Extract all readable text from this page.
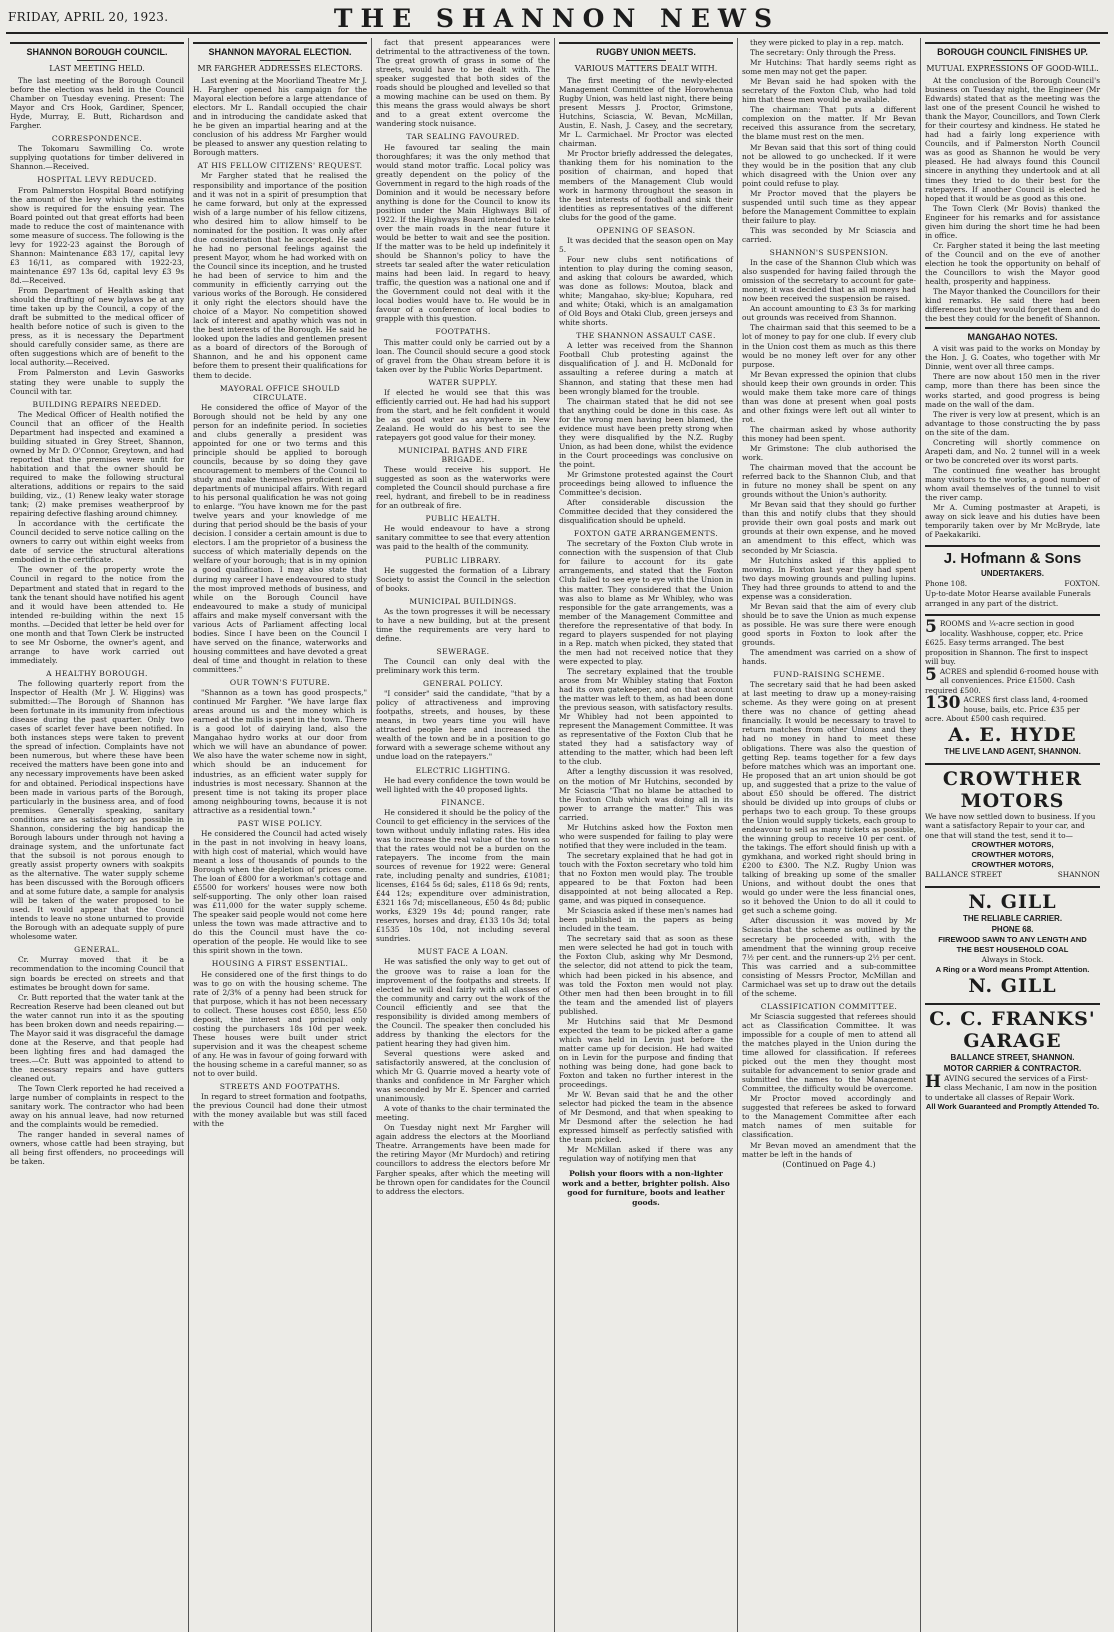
FRIDAY, APRIL 20, 1923.	THE SHANNON NEWS
SHANNON BOROUGH COUNCIL.
LAST MEETING HELD.

The last meeting of the Borough Council before the election was held in the Council Chamber on Tuesday evening. Present: The Mayor and Crs Hook, Gardiner, Spencer, Hyde, Murray, E. Butt, Richardson and Fargher.

CORRESPONDENCE.

The Tokomaru Sawmilling Co. wrote supplying quotations for timber delivered in Shannon.—Received.

HOSPITAL LEVY REDUCED.

From Palmerston Hospital Board notifying the amount of the levy which the estimates show is required for the ensuing year. The Board pointed out that great efforts had been made to reduce the cost of maintenance with some measure of success. The following is the levy for 1922-23 against the Borough of Shannon: Maintenance £83 17/, capital levy £3 16/11, as compared with 1922-23, maintenance £97 13s 6d, capital levy £3 9s 8d.—Received.

From Department of Health asking that should the drafting of new bylaws be at any time taken up by the Council, a copy of the draft be submitted to the medical officer of health before notice of such is given to the press, as it is necessary the Department should carefully consider same, as there are often suggestions which are of benefit to the local authority.—Received.

From Palmerston and Levin Gasworks stating they were unable to supply the Council with tar.

BUILDING REPAIRS NEEDED.

The Medical Officer of Health notified the Council that an officer of the Health Department had inspected and examined a building situated in Grey Street, Shannon, owned by Mr D. O'Connor, Greytown, and had reported that the premises were unfit for habitation and that the owner should be required to make the following structural alterations, additions or repairs to the said building, viz., (1) Renew leaky water storage tank; (2) make premises weatherproof by repairing defective flashing around chimney.

In accordance with the certificate the Council decided to serve notice calling on the owners to carry out within eight weeks from date of service the structural alterations embodied in the certificate.

The owner of the property wrote the Council in regard to the notice from the Department and stated that in regard to the tank the tenant should have notified his agent and it would have been attended to. He intended re-building within the next 15 months. —Decided that letter be held over for one month and that Town Clerk be instructed to see Mr Osborne, the owner's agent, and arrange to have work carried out immediately.

A HEALTHY BOROUGH.

The following quarterly report from the Inspector of Health (Mr J. W. Higgins) was submitted:—The Borough of Shannon has been fortunate in its immunity from infectious disease during the past quarter. Only two cases of scarlet fever have been notified. In both instances steps were taken to prevent the spread of infection. Complaints have not been numerous, but where these have been received the matters have been gone into and any necessary improvements have been asked for and obtained. Periodical inspections have been made in various parts of the Borough, particularly in the business area, and of food premises. Generally speaking, sanitary conditions are as satisfactory as possible in Shannon, considering the big handicap the Borough labours under through not having a drainage system, and the unfortunate fact that the subsoil is not porous enough to greatly assist property owners with soakpits as the alternative. The water supply scheme has been discussed with the Borough officers and at some future date, a sample for analysis will be taken of the water proposed to be used. It would appear that the Council intends to leave no stone unturned to provide the Borough with an adequate supply of pure wholesome water.

GENERAL.

Cr. Murray moved that it be a recommendation to the incoming Council that sign boards be erected on streets and that estimates be brought down for same.

Cr. Butt reported that the water tank at the Recreation Reserve had been cleaned out but the water cannot run into it as the spouting has been broken down and needs repairing.—The Mayor said it was disgraceful the damage done at the Reserve, and that people had been lighting fires and had damaged the trees.—Cr. Butt was appointed to attend to the necessary repairs and have gutters cleaned out.

The Town Clerk reported he had received a large number of complaints in respect to the sanitary work. The contractor who had been away on his annual leave, had now returned and the complaints would be remedied.

The ranger handed in several names of owners, whose cattle had been straying, but all being first offenders, no proceedings will be taken.

SHANNON MAYORAL ELECTION.
MR FARGHER ADDRESSES ELECTORS.

Last evening at the Moorliand Theatre Mr J. H. Fargher opened his campaign for the Mayoral election before a large attendance of electors. Mr L. Randall occupied the chair and in introducing the candidate asked that he be given an impartial hearing and at the conclusion of his address Mr Fargher would be pleased to answer any question relating to Borough matters.

AT HIS FELLOW CITIZENS' REQUEST.

Mr Fargher stated that he realised the responsibility and importance of the position and it was not in a spirit of presumption that he came forward, but only at the expressed wish of a large number of his fellow citizens, who desired him to allow himself to be nominated for the position. It was only after due consideration that he accepted. He said he had no personal feelings against the present Mayor, whom he had worked with on the Council since its inception, and he trusted he had been of service to him and the community in efficiently carrying out the various works of the Borough. He considered it only right the electors should have the choice of a Mayor. No competition showed lack of interest and apathy which was not in the best interests of the Borough. He said he looked upon the ladies and gentlemen present as a board of directors of the Borough of Shannon, and he and his opponent came before them to present their qualifications for them to decide.

MAYORAL OFFICE SHOULD CIRCULATE.

He considered the office of Mayor of the Borough should not be held by any one person for an indefinite period. In societies and clubs generally a president was appointed for one or two terms and this principle should be applied to borough councils, because by so doing they gave encouragement to members of the Council to study and make themselves proficient in all departments of municipal affairs. With regard to his personal qualification he was not going to enlarge. "You have known me for the past twelve years and your knowledge of me during that period should be the basis of your decision. I consider a certain amount is due to electors. I am the proprietor of a business the success of which materially depends on the welfare of your borough; that is in my opinion a good qualification. I may also state that during my career I have endeavoured to study the most improved methods of business, and while on the Borough Council have endeavoured to make a study of municipal affairs and make myself conversant with the various Acts of Parliament affecting local bodies. Since I have been on the Council I have served on the finance, waterworks and housing committees and have devoted a great deal of time and thought in relation to these committees."

OUR TOWN'S FUTURE.

"Shannon as a town has good prospects," continued Mr Fargher. "We have large flax areas around us and the money which is earned at the mills is spent in the town. There is a good lot of dairying land, also the Mangahao hydro works at our door from which we will have an abundance of power. We also have the water scheme now in sight, which should be an inducement for industries, as an efficient water supply for industries is most necessary. Shannon at the present time is not taking its proper place among neighbouring towns, because it is not attractive as a residential town."

PAST WISE POLICY.

He considered the Council had acted wisely in the past in not involving in heavy loans, with high cost of material, which would have meant a loss of thousands of pounds to the Borough when the depletion of prices come. The loan of £800 for a workman's cottage and £5500 for workers' houses were now both self-supporting. The only other loan raised was £11,000 for the water supply scheme. The speaker said people would not come here unless the town was made attractive and to do this the Council must have the co-operation of the people. He would like to see this spirit shown in the town.

HOUSING A FIRST ESSENTIAL.

He considered one of the first things to do was to go on with the housing scheme. The rate of 2/3% of a penny had been struck for that purpose, which it has not been necessary to collect. These houses cost £850, less £50 deposit, the interest and principal only costing the purchasers 18s 10d per week. These houses were built under strict supervision and it was the cheapest scheme of any. He was in favour of going forward with the housing scheme in a careful manner, so as not to over build.

STREETS AND FOOTPATHS.

In regard to street formation and footpaths, the previous Council had done their utmost with the money available but was still faced with the

fact that present appearances were detrimental to the attractiveness of the town. The great growth of grass in some of the streets, would have to be dealt with. The speaker suggested that both sides of the roads should be ploughed and levelled so that a mowing machine can be used on them. By this means the grass would always be short and to a great extent overcome the wandering stock nuisance.

TAR SEALING FAVOURED.

He favoured tar sealing the main thoroughfares; it was the only method that would stand motor traffic. Local policy was greatly dependent on the policy of the Government in regard to the high roads of the Dominion and it would be necessary before anything is done for the Council to know its position under the Main Highways Bill of 1922. If the Highways Board intended to take over the main roads in the near future it would be better to wait and see the position. If the matter was to be held up indefinitely it should be Shannon's policy to have the streets tar sealed after the water reticulation mains had been laid. In regard to heavy traffic, the question was a national one and if the Government could not deal with it the local bodies would have to. He would be in favour of a conference of local bodies to grapple with this question.

FOOTPATHS.

This matter could only be carried out by a loan. The Council should secure a good stock of gravel from the Ohau stream before it is taken over by the Public Works Department.

WATER SUPPLY.

If elected he would see that this was efficiently carried out. He had had his support from the start, and he felt confident it would be as good water as anywhere in New Zealand. He would do his best to see the ratepayers got good value for their money.

MUNICIPAL BATHS AND FIRE BRIGADE.

These would receive his support. He suggested as soon as the waterworks were completed the Council should purchase a fire reel, hydrant, and firebell to be in readiness for an outbreak of fire.

PUBLIC HEALTH.

He would endeavour to have a strong sanitary committee to see that every attention was paid to the health of the community.

PUBLIC LIBRARY.

He suggested the formation of a Library Society to assist the Council in the selection of books.

MUNICIPAL BUILDINGS.

As the town progresses it will be necessary to have a new building, but at the present time the requirements are very hard to define.

SEWERAGE.

The Council can only deal with the preliminary work this term.

GENERAL POLICY.

"I consider" said the candidate, "that by a policy of attractiveness and improving footpaths, streets, and houses, by these means, in two years time you will have attracted people here and increased the wealth of the town and be in a position to go forward with a sewerage scheme without any undue load on the ratepayers."

ELECTRIC LIGHTING.

He had every confidence the town would be well lighted with the 40 proposed lights.

FINANCE.

He considered it should be the policy of the Council to get efficiency in the services of the town without unduly inflating rates. His idea was to increase the real value of the town so that the rates would not be a burden on the ratepayers. The income from the main sources of revenue for 1922 were: General rate, including penalty and sundries, £1081; licenses, £164 5s 6d; sales, £118 6s 9d; rents, £44 12s; expenditure over administration, £321 16s 7d; miscellaneous, £50 4s 8d; public works, £329 19s 4d; pound ranger, rate reserves, horses and dray, £133 10s 3d; total £1535 10s 10d, not including several sundries.

MUST FACE A LOAN.

He was satisfied the only way to get out of the groove was to raise a loan for the improvement of the footpaths and streets. If elected he will deal fairly with all classes of the community and carry out the work of the Council efficiently and see that the responsibility is divided among members of the Council. The speaker then concluded his address by thanking the electors for the patient hearing they had given him.

Several questions were asked and satisfactorily answered, at the conclusion of which Mr G. Quarrie moved a hearty vote of thanks and confidence in Mr Fargher which was seconded by Mr E. Spencer and carried unanimously.

A vote of thanks to the chair terminated the meeting.

On Tuesday night next Mr Fargher will again address the electors at the Moorliand Theatre. Arrangements have been made for the retiring Mayor (Mr Murdoch) and retiring councillors to address the electors before Mr Fargher speaks, after which the meeting will be thrown open for candidates for the Council to address the electors.

RUGBY UNION MEETS.
VARIOUS MATTERS DEALT WITH.

The first meeting of the newly-elected Management Committee of the Horowhenua Rugby Union, was held last night, there being present Messrs J. Proctor, Grimstone, Hutchins, Sciascia, W. Bevan, McMillan, Austin, E. Nash, J. Casey, and the secretary, Mr L. Carmichael. Mr Proctor was elected chairman.

Mr Proctor briefly addressed the delegates, thanking them for his nomination to the position of chairman, and hoped that members of the Management Club would work in harmony throughout the season in the best interests of football and sink their identities as representatives of the different clubs for the good of the game.

OPENING OF SEASON.

It was decided that the season open on May 5.

Four new clubs sent notifications of intention to play during the coming season, and asking that colours be awarded, which was done as follows: Moutoa, black and white; Mangahao, sky-blue; Kopuhara, red and white; Otaki, which is an amalgamation of Old Boys and Otaki Club, green jerseys and white shorts.

THE SHANNON ASSAULT CASE.

A letter was received from the Shannon Football Club protesting against the disqualification of J. and H. McDonald for assaulting a referee during a match at Shannon, and stating that these men had been wrongly blamed for the trouble.

The chairman stated that he did not see that anything could be done in this case. As for the wrong men having been blamed, the evidence must have been pretty strong when they were disqualified by the N.Z. Rugby Union, as had been done, whilst the evidence in the Court proceedings was conclusive on the point.

Mr Grimstone protested against the Court proceedings being allowed to influence the Committee's decision.

After considerable discussion the Committee decided that they considered the disqualification should be upheld.

FOXTON GATE ARRANGEMENTS.

The secretary of the Foxton Club wrote in connection with the suspension of that Club for failure to account for its gate arrangements, and stated that the Foxton Club failed to see eye to eye with the Union in this matter. They considered that the Union was also to blame as Mr Whibley, who was responsible for the gate arrangements, was a member of the Management Committee and therefore the representative of that body. In regard to players suspended for not playing in a Rep. match when picked, they stated that the men had not received notice that they were expected to play.

The secretary explained that the trouble arose from Mr Whibley stating that Foxton had its own gatekeeper, and on that account the matter was left to them, as had been done the previous season, with satisfactory results. Mr Whibley had not been appointed to represent the Management Committee. It was as representative of the Foxton Club that he stated they had a satisfactory way of attending to the matter, which had been left to the club.

After a lengthy discussion it was resolved, on the motion of Mr Hutchins, seconded by Mr Sciascia "That no blame be attached to the Foxton Club which was doing all in its power to arrange the matter." This was carried.

Mr Hutchins asked how the Foxton men who were suspended for failing to play were notified that they were included in the team.

The secretary explained that he had got in touch with the Foxton secretary who told him that no Foxton men would play. The trouble appeared to be that Foxton had been disappointed at not being allocated a Rep. game, and was piqued in consequence.

Mr Sciascia asked if these men's names had been published in the papers as being included in the team.

The secretary said that as soon as these men were selected he had got in touch with the Foxton Club, asking why Mr Desmond, the selector, did not attend to pick the team, which had been picked in his absence, and was told the Foxton men would not play. Other men had then been brought in to fill the team and the amended list of players published.

Mr Hutchins said that Mr Desmond expected the team to be picked after a game which was held in Levin just before the matter came up for decision. He had waited on in Levin for the purpose and finding that nothing was being done, had gone back to Foxton and taken no further interest in the proceedings.

Mr W. Bevan said that he and the other selector had picked the team in the absence of Mr Desmond, and that when speaking to Mr Desmond after the selection he had expressed himself as perfectly satisfied with the team picked.

Mr McMillan asked if there was any regulation way of notifying men that

Polish your floors with a non-lighter work and a better, brighter polish. Also good for furniture, boots and leather goods.

they were picked to play in a rep. match.

The secretary: Only through the Press.

Mr Hutchins: That hardly seems right as some men may not get the paper.

Mr Bevan said he had spoken with the secretary of the Foxton Club, who had told him that these men would be available.

The chairman: That puts a different complexion on the matter. If Mr Bevan received this assurance from the secretary, the blame must rest on the men.

Mr Bevan said that this sort of thing could not be allowed to go unchecked. If it were they would be in the position that any club which disagreed with the Union over any point could refuse to play.

Mr Proctor moved that the players be suspended until such time as they appear before the Management Committee to explain their failure to play.

This was seconded by Mr Sciascia and carried.

SHANNON'S SUSPENSION.

In the case of the Shannon Club which was also suspended for having failed through the omission of the secretary to account for gate-money, it was decided that as all moneys had now been received the suspension be raised.

An account amounting to £3 3s for marking out grounds was received from Shannon.

The chairman said that this seemed to be a lot of money to pay for one club. If every club in the Union cost them as much as this there would be no money left over for any other purpose.

Mr Bevan expressed the opinion that clubs should keep their own grounds in order. This would make them take more care of things than was done at present when goal posts and other fixings were left out all winter to rot.

The chairman asked by whose authority this money had been spent.

Mr Grimstone: The club authorised the work.

The chairman moved that the account be referred back to the Shannon Club, and that in future no money shall be spent on any grounds without the Union's authority.

Mr Bevan said that they should go further than this and notify clubs that they should provide their own goal posts and mark out grounds at their own expense, and he moved an amendment to this effect, which was seconded by Mr Sciascia.

Mr Hutchins asked if this applied to mowing. In Foxton last year they had spent two days mowing grounds and pulling lupins. They had three grounds to attend to and the expense was a consideration.

Mr Bevan said that the aim of every club should be to save the Union as much expense as possible. He was sure there were enough good sports in Foxton to look after the grounds.

The amendment was carried on a show of hands.

FUND-RAISING SCHEME.

The secretary said that he had been asked at last meeting to draw up a money-raising scheme. As they were going on at present there was no chance of getting ahead financially. It would be necessary to travel to return matches from other Unions and they had no money in hand to meet these obligations. There was also the question of getting Rep. teams together for a few days before matches which was an important one. He proposed that an art union should be got up, and suggested that a prize to the value of about £50 should be offered. The district should be divided up into groups of clubs or perhaps two to each group. To these groups the Union would supply tickets, each group to endeavour to sell as many tickets as possible, the winning group to receive 10 per cent. of the takings. The effort should finish up with a gymkhana, and worked right should bring in £200 to £300. The N.Z. Rugby Union was talking of breaking up some of the smaller Unions, and without doubt the ones that would go under were the less financial ones, so it behoved the Union to do all it could to get such a scheme going.

After discussion it was moved by Mr Sciascia that the scheme as outlined by the secretary be proceeded with, with the amendment that the winning group receive 7½ per cent. and the runners-up 2½ per cent. This was carried and a sub-committee consisting of Messrs Proctor, McMillan and Carmichael was set up to draw out the details of the scheme.

CLASSIFICATION COMMITTEE.

Mr Sciascia suggested that referees should act as Classification Committee. It was impossible for a couple of men to attend all the matches played in the Union during the time allowed for classification. If referees picked out the men they thought most suitable for advancement to senior grade and submitted the names to the Management Committee, the difficulty would be overcome.

Mr Proctor moved accordingly and suggested that referees be asked to forward to the Management Committee after each match names of men suitable for classification.

Mr Bevan moved an amendment that the matter be left in the hands of

(Continued on Page 4.)
BOROUGH COUNCIL FINISHES UP.
MUTUAL EXPRESSIONS OF GOOD-WILL.

At the conclusion of the Borough Council's business on Tuesday night, the Engineer (Mr Edwards) stated that as the meeting was the last one of the present Council he wished to thank the Mayor, Councillors, and Town Clerk for their courtesy and kindness. He stated he had had a fairly long experience with Councils, and if Palmerston North Council was as good as Shannon he would be very pleased. He had always found this Council sincere in anything they undertook and at all times they tried to do their best for the ratepayers. If another Council is elected he hoped that it would be as good as this one.

The Town Clerk (Mr Bovis) thanked the Engineer for his remarks and for assistance given him during the short time he had been in office.

Cr. Fargher stated it being the last meeting of the Council and on the eve of another election he took the opportunity on behalf of the Councillors to wish the Mayor good health, prosperity and happiness.

The Mayor thanked the Councillors for their kind remarks. He said there had been differences but they would forget them and do the best they could for the benefit of Shannon.

MANGAHAO NOTES.

A visit was paid to the works on Monday by the Hon. J. G. Coates, who together with Mr Dinnie, went over all three camps.

There are now about 150 men in the river camp, more than there has been since the works started, and good progress is being made on the wall of the dam.

The river is very low at present, which is an advantage to those constructing the by pass on the site of the dam.

Concreting will shortly commence on Arapeti dam, and No. 2 tunnel will in a week or two be concreted over its worst parts.

The continued fine weather has brought many visitors to the works, a good number of whom avail themselves of the tunnel to visit the river camp.

Mr A. Cuming postmaster at Arapeti, is away on sick leave and his duties have been temporarily taken over by Mr McBryde, late of Paekakariki.

J. Hofmann & Sons
UNDERTAKERS.
Phone 108.	FOXTON.
Up-to-date Motor Hearse available Funerals arranged in any part of the district.
5 ROOMS and ¼-acre section in good locality. Washhouse, copper, etc. Price £625. Easy terms arranged. The best proposition in Shannon. The first to inspect will buy.
5 ACRES and splendid 6-roomed house with all conveniences. Price £1500. Cash required £500.
130 ACRES first class land, 4-roomed house, bails, etc. Price £35 per acre. About £500 cash required.
A. E. HYDE
THE LIVE LAND AGENT, SHANNON.
CROWTHER MOTORS
We have now settled down to business. If you want a satisfactory Repair to your car, and one that will stand the test, send it to—
CROWTHER MOTORS,
CROWTHER MOTORS,
CROWTHER MOTORS,
BALLANCE STREET	SHANNON
N. GILL
THE RELIABLE CARRIER.
PHONE 68.
FIREWOOD SAWN TO ANY LENGTH AND
THE BEST HOUSEHOLD COAL
Always in Stock.
A Ring or a Word means Prompt Attention.
N. GILL
C. C. FRANKS' GARAGE
BALLANCE STREET, SHANNON.
MOTOR CARRIER & CONTRACTOR.
HAVING secured the services of a First-class Mechanic, I am now in the position to undertake all classes of Repair Work.
All Work Guaranteed and Promptly Attended To.
